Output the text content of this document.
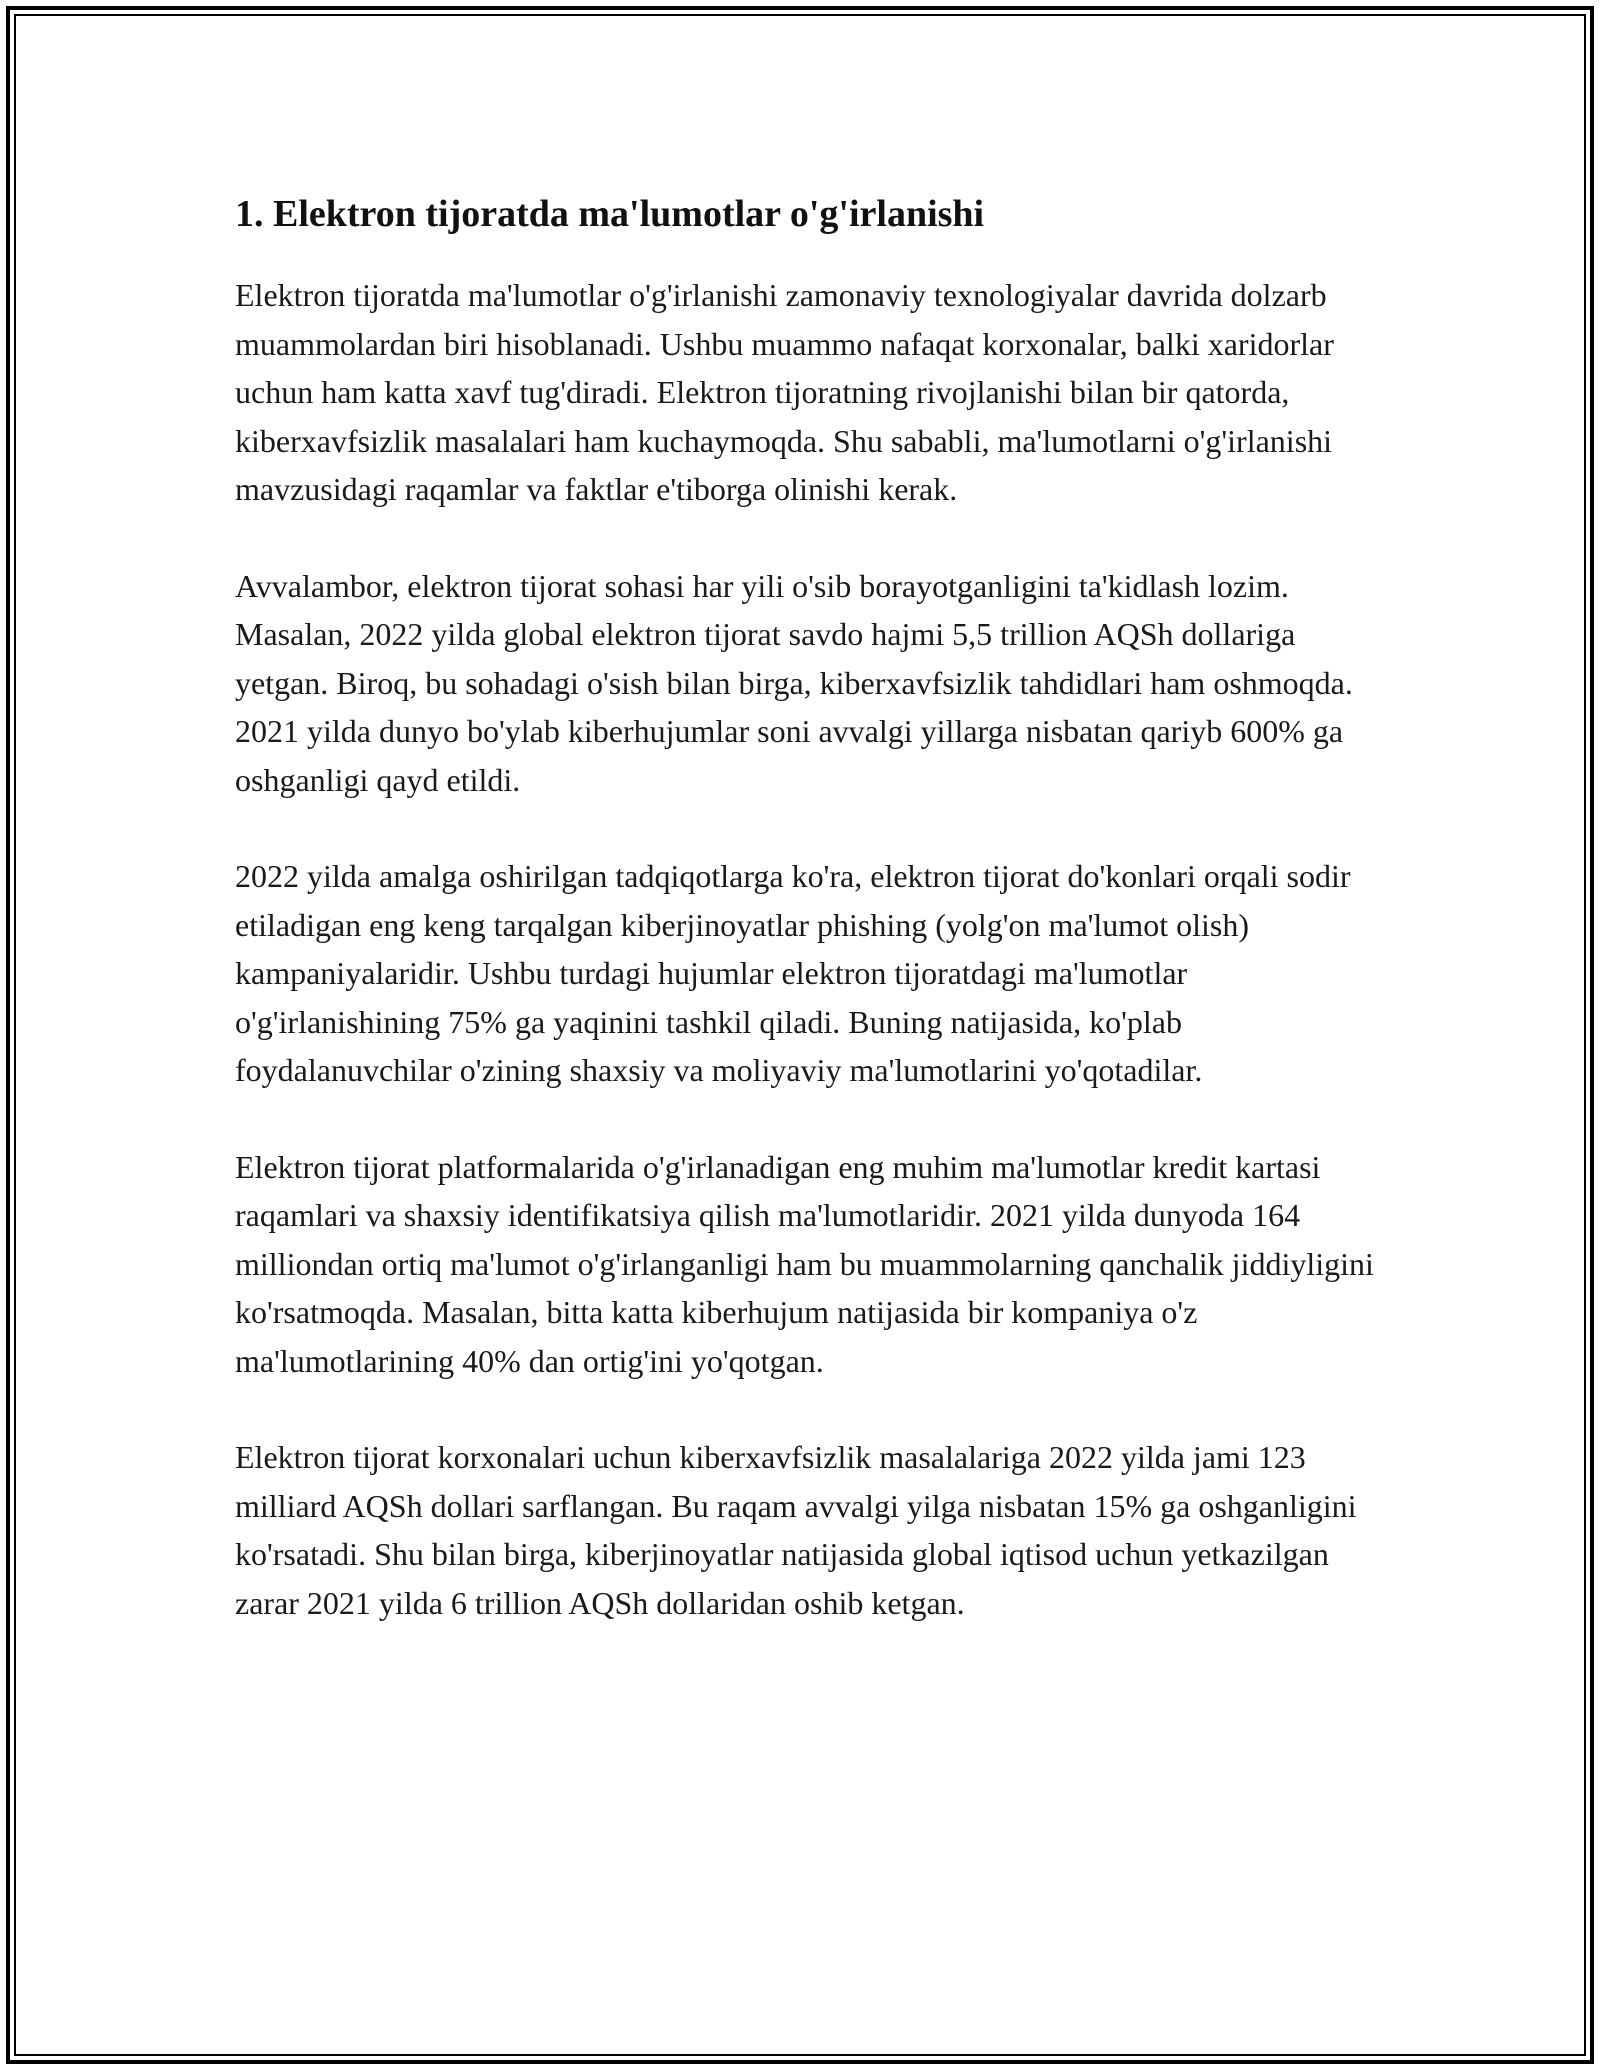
1. Elektron tijoratda ma'lumotlar o'g'irlanishi

Elektron tijoratda ma'lumotlar o'g'irlanishi zamonaviy texnologiyalar davrida dolzarb muammolardan biri hisoblanadi. Ushbu muammo nafaqat korxonalar, balki xaridorlar uchun ham katta xavf tug'diradi. Elektron tijoratning rivojlanishi bilan bir qatorda, kiberxavfsizlik masalalari ham kuchaymoqda. Shu sababli, ma'lumotlarni o'g'irlanishi mavzusidagi raqamlar va faktlar e'tiborga olinishi kerak.

Avvalambor, elektron tijorat sohasi har yili o'sib borayotganligini ta'kidlash lozim. Masalan, 2022 yilda global elektron tijorat savdo hajmi 5,5 trillion AQSh dollariga yetgan. Biroq, bu sohadagi o'sish bilan birga, kiberxavfsizlik tahdidlari ham oshmoqda. 2021 yilda dunyo bo'ylab kiberhujumlar soni avvalgi yillarga nisbatan qariyb 600% ga oshganligi qayd etildi.

2022 yilda amalga oshirilgan tadqiqotlarga ko'ra, elektron tijorat do'konlari orqali sodir etiladigan eng keng tarqalgan kiberjinoyatlar phishing (yolg'on ma'lumot olish) kampaniyalaridir. Ushbu turdagi hujumlar elektron tijoratdagi ma'lumotlar o'g'irlanishining 75% ga yaqinini tashkil qiladi. Buning natijasida, ko'plab foydalanuvchilar o'zining shaxsiy va moliyaviy ma'lumotlarini yo'qotadilar.

Elektron tijorat platformalarida o'g'irlanadigan eng muhim ma'lumotlar kredit kartasi raqamlari va shaxsiy identifikatsiya qilish ma'lumotlaridir. 2021 yilda dunyoda 164 milliondan ortiq ma'lumot o'g'irlanganligi ham bu muammolarning qanchalik jiddiyligini ko'rsatmoqda. Masalan, bitta katta kiberhujum natijasida bir kompaniya o'z ma'lumotlarining 40% dan ortig'ini yo'qotgan.

Elektron tijorat korxonalari uchun kiberxavfsizlik masalalariga 2022 yilda jami 123 milliard AQSh dollari sarflangan. Bu raqam avvalgi yilga nisbatan 15% ga oshganligini ko'rsatadi. Shu bilan birga, kiberjinoyatlar natijasida global iqtisod uchun yetkazilgan zarar 2021 yilda 6 trillion AQSh dollaridan oshib ketgan.
